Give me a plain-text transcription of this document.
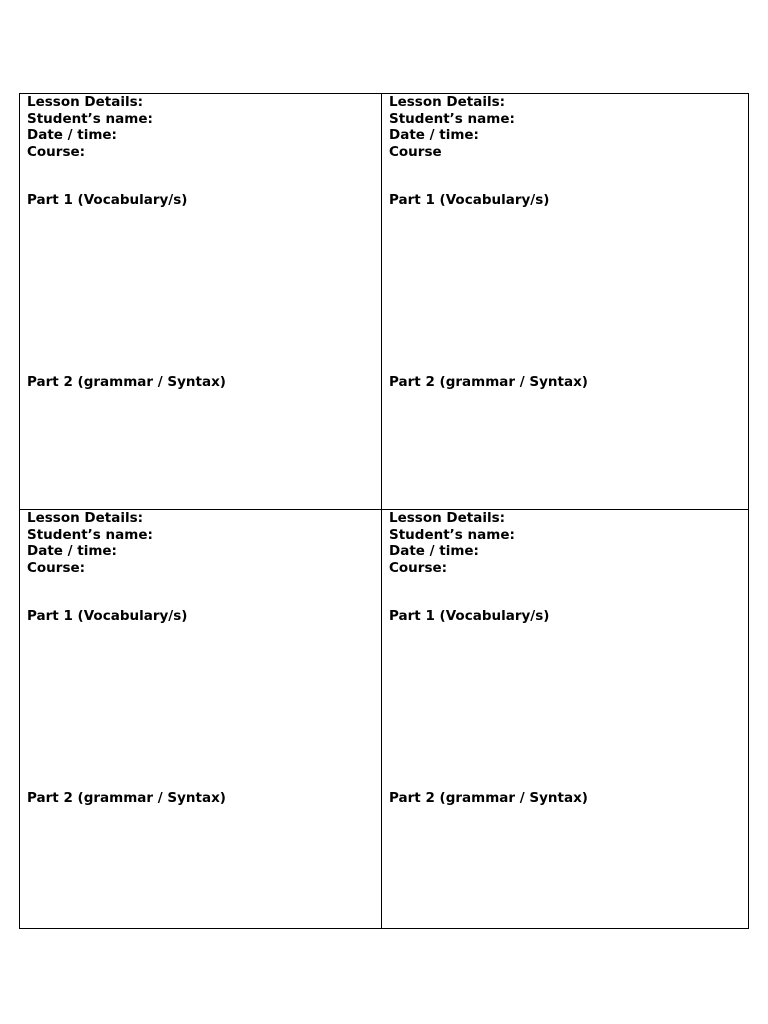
Lesson Details:
Student’s name:
Date / time:
Course:
Part 1 (Vocabulary/s)
Part 2 (grammar / Syntax)
Lesson Details:
Student’s name:
Date / time:
Course
Part 1 (Vocabulary/s)
Part 2 (grammar / Syntax)
Lesson Details:
Student’s name:
Date / time:
Course:
Part 1 (Vocabulary/s)
Part 2 (grammar / Syntax)
Lesson Details:
Student’s name:
Date / time:
Course:
Part 1 (Vocabulary/s)
Part 2 (grammar / Syntax)
